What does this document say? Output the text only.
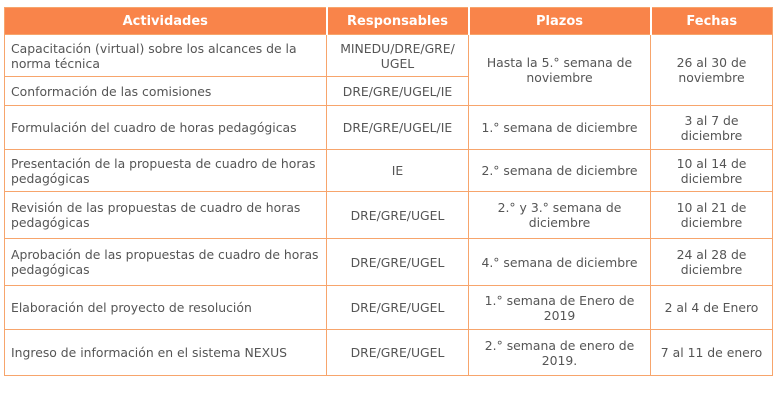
Actividades	Responsables	Plazos	Fechas
Capacitación (virtual) sobre los alcances de la norma técnica	MINEDU/DRE/GRE/ UGEL	Hasta la 5.° semana de noviembre	26 al 30 de noviembre
Conformación de las comisiones	DRE/GRE/UGEL/IE		
Formulación del cuadro de horas pedagógicas	DRE/GRE/UGEL/IE	1.° semana de diciembre	3 al 7 de diciembre
Presentación de la propuesta de cuadro de horas pedagógicas	IE	2.° semana de diciembre	10 al 14 de diciembre
Revisión de las propuestas de cuadro de horas pedagógicas	DRE/GRE/UGEL	2.° y 3.° semana de diciembre	10 al 21 de diciembre
Aprobación de las propuestas de cuadro de horas pedagógicas	DRE/GRE/UGEL	4.° semana de diciembre	24 al 28 de diciembre
Elaboración del proyecto de resolución	DRE/GRE/UGEL	1.° semana de Enero de 2019	2 al 4 de Enero
Ingreso de información en el sistema NEXUS	DRE/GRE/UGEL	2.° semana de enero de 2019.	7 al 11 de enero
